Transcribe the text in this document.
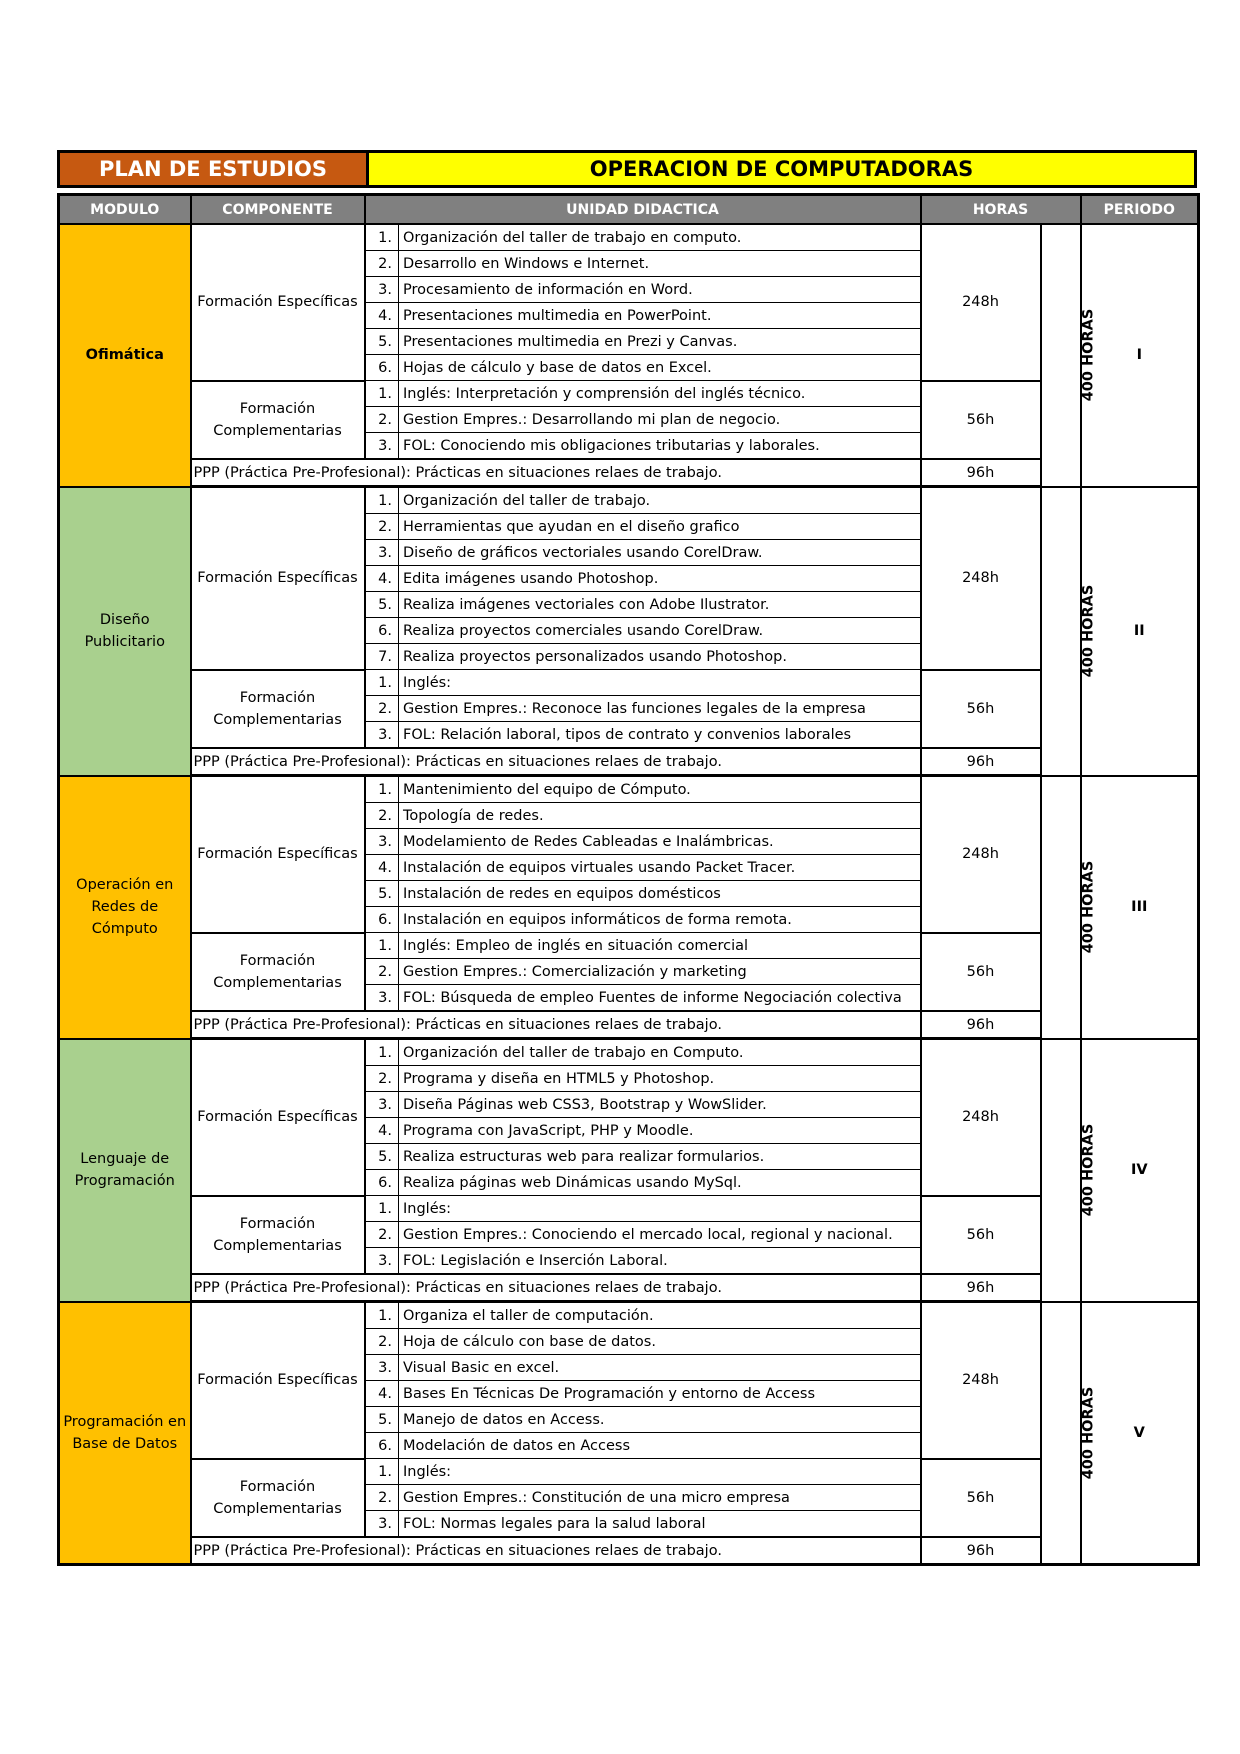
PLAN DE ESTUDIOS	OPERACION DE COMPUTADORAS
MODULO	COMPONENTE	UNIDAD DIDACTICA		HORAS		PERIODO
Ofimática	Formación Específicas	1.	Organización del taller de trabajo en computo.	248h	400 HORAS	I
		2.	Desarrollo en Windows e Internet.			
		3.	Procesamiento de información en Word.			
		4.	Presentaciones multimedia en PowerPoint.			
		5.	Presentaciones multimedia en Prezi y Canvas.			
		6.	Hojas de cálculo y base de datos en Excel.			
	Formación Complementarias	1.	Inglés: Interpretación y comprensión del inglés técnico.	56h		
		2.	Gestion Empres.: Desarrollando mi plan de negocio.			
		3.	FOL: Conociendo mis obligaciones tributarias y laborales.			
	PPP (Práctica Pre-Profesional): Prácticas en situaciones relaes de trabajo.			96h		
Diseño Publicitario	Formación Específicas	1.	Organización del taller de trabajo.	248h	400 HORAS	II
		2.	Herramientas que ayudan en el diseño grafico			
		3.	Diseño de gráficos vectoriales usando CorelDraw.			
		4.	Edita imágenes usando Photoshop.			
		5.	Realiza imágenes vectoriales con Adobe Ilustrator.			
		6.	Realiza proyectos comerciales usando CorelDraw.			
		7.	Realiza proyectos personalizados usando Photoshop.			
	Formación Complementarias	1.	Inglés:	56h		
		2.	Gestion Empres.: Reconoce las funciones legales de la empresa			
		3.	FOL: Relación laboral, tipos de contrato y convenios laborales			
	PPP (Práctica Pre-Profesional): Prácticas en situaciones relaes de trabajo.			96h		
Operación en Redes de Cómputo	Formación Específicas	1.	Mantenimiento del equipo de Cómputo.	248h	400 HORAS	III
		2.	Topología de redes.			
		3.	Modelamiento de Redes Cableadas e Inalámbricas.			
		4.	Instalación de equipos virtuales usando Packet Tracer.			
		5.	Instalación de redes en equipos domésticos			
		6.	Instalación en equipos informáticos de forma remota.			
	Formación Complementarias	1.	Inglés: Empleo de inglés en situación comercial	56h		
		2.	Gestion Empres.: Comercialización y marketing			
		3.	FOL: Búsqueda de empleo Fuentes de informe Negociación colectiva			
	PPP (Práctica Pre-Profesional): Prácticas en situaciones relaes de trabajo.			96h		
Lenguaje de Programación	Formación Específicas	1.	Organización del taller de trabajo en Computo.	248h	400 HORAS	IV
		2.	Programa y diseña en HTML5 y Photoshop.			
		3.	Diseña Páginas web CSS3, Bootstrap y WowSlider.			
		4.	Programa con JavaScript, PHP y Moodle.			
		5.	Realiza estructuras web para realizar formularios.			
		6.	Realiza páginas web Dinámicas usando MySql.			
	Formación Complementarias	1.	Inglés:	56h		
		2.	Gestion Empres.: Conociendo el mercado local, regional y nacional.			
		3.	FOL: Legislación e Inserción Laboral.			
	PPP (Práctica Pre-Profesional): Prácticas en situaciones relaes de trabajo.			96h		
Programación en Base de Datos	Formación Específicas	1.	Organiza el taller de computación.	248h	400 HORAS	V
		2.	Hoja de cálculo con base de datos.			
		3.	Visual Basic en excel.			
		4.	Bases En Técnicas De Programación y entorno de Access			
		5.	Manejo de datos en Access.			
		6.	Modelación de datos en Access			
	Formación Complementarias	1.	Inglés:	56h		
		2.	Gestion Empres.: Constitución de una micro empresa			
		3.	FOL: Normas legales para la salud laboral			
	PPP (Práctica Pre-Profesional): Prácticas en situaciones relaes de trabajo.			96h		
